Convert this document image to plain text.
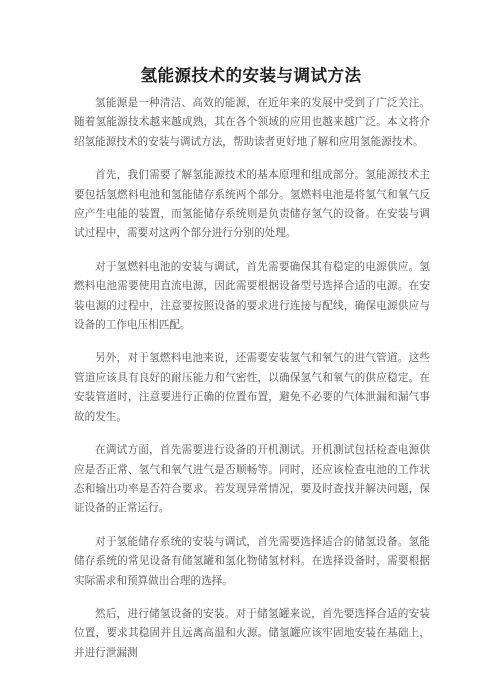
氢能源技术的安装与调试方法

氢能源是一种清洁、高效的能源，在近年来的发展中受到了广泛关注。随着氢能源技术越来越成熟，其在各个领域的应用也越来越广泛。本文将介绍氢能源技术的安装与调试方法，帮助读者更好地了解和应用氢能源技术。

首先，我们需要了解氢能源技术的基本原理和组成部分。氢能源技术主要包括氢燃料电池和氢能储存系统两个部分。氢燃料电池是将氢气和氧气反应产生电能的装置，而氢能储存系统则是负责储存氢气的设备。在安装与调试过程中，需要对这两个部分进行分别的处理。

对于氢燃料电池的安装与调试，首先需要确保其有稳定的电源供应。氢燃料电池需要使用直流电源，因此需要根据设备型号选择合适的电源。在安装电源的过程中，注意要按照设备的要求进行连接与配线，确保电源供应与设备的工作电压相匹配。

另外，对于氢燃料电池来说，还需要安装氢气和氧气的进气管道。这些管道应该具有良好的耐压能力和气密性，以确保氢气和氧气的供应稳定。在安装管道时，注意要进行正确的位置布置，避免不必要的气体泄漏和漏气事故的发生。

在调试方面，首先需要进行设备的开机测试。开机测试包括检查电源供应是否正常、氢气和氧气进气是否顺畅等。同时，还应该检查电池的工作状态和输出功率是否符合要求。若发现异常情况，要及时查找并解决问题，保证设备的正常运行。

对于氢能储存系统的安装与调试，首先需要选择适合的储氢设备。氢能储存系统的常见设备有储氢罐和氢化物储氢材料。在选择设备时，需要根据实际需求和预算做出合理的选择。

然后，进行储氢设备的安装。对于储氢罐来说，首先要选择合适的安装位置，要求其稳固并且远离高温和火源。储氢罐应该牢固地安装在基础上，并进行泄漏测
